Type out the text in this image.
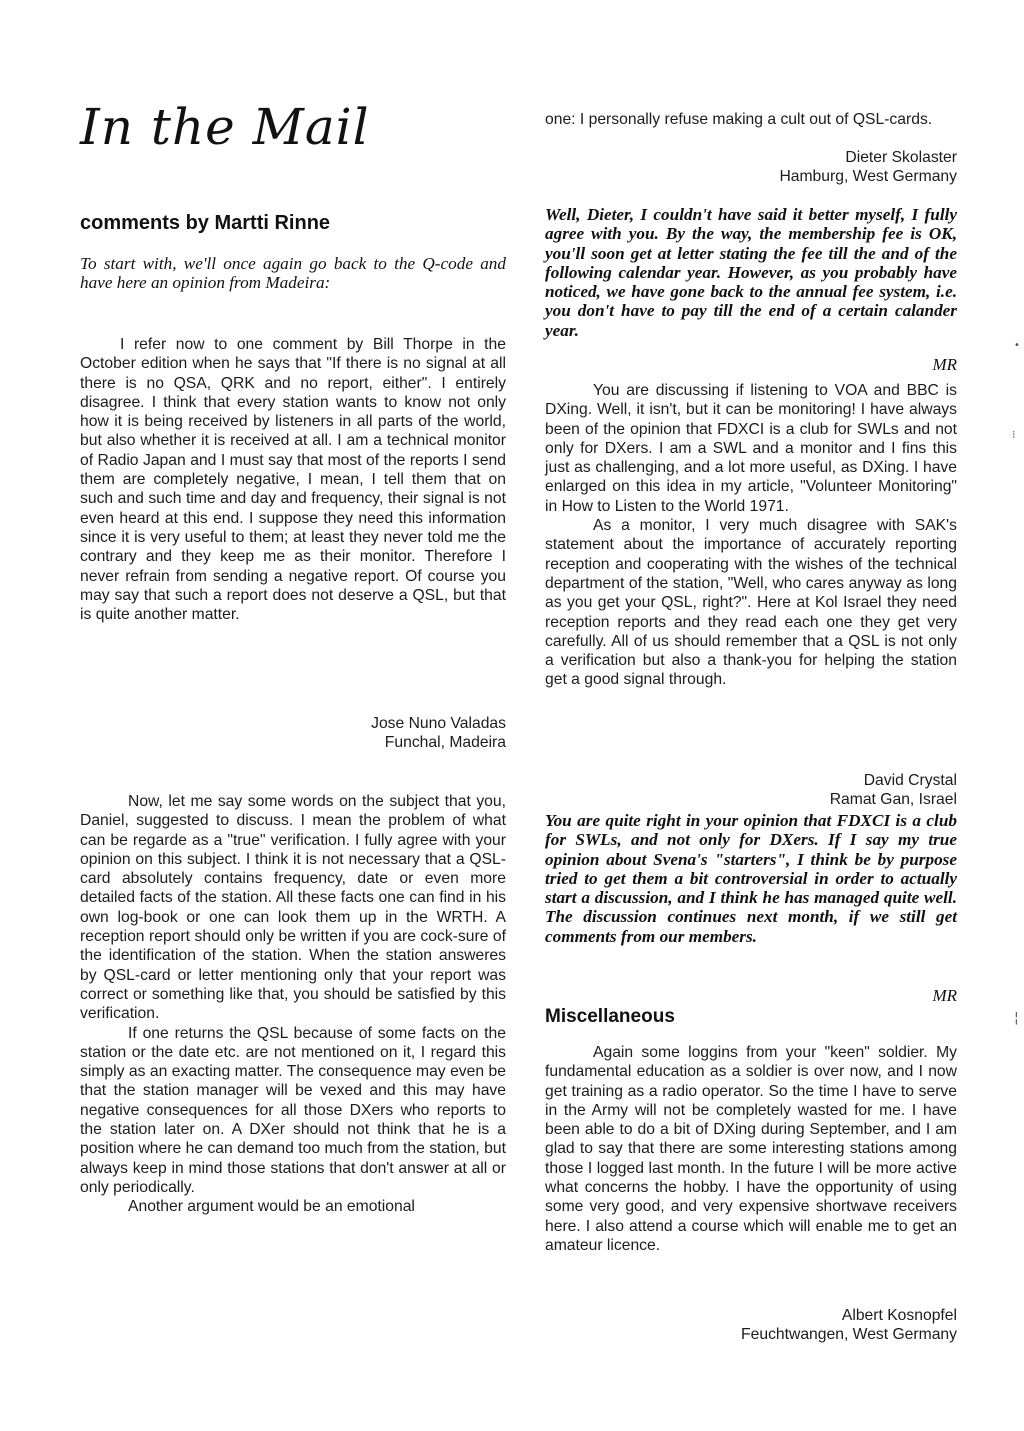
In the Mail
comments by Martti Rinne

To start with, we'll once again go back to the Q-code and have here an opinion from Madeira:

I refer now to one comment by Bill Thorpe in the October edition when he says that "If there is no signal at all there is no QSA, QRK and no report, either". I entirely disagree. I think that every station wants to know not only how it is being received by listeners in all parts of the world, but also whether it is received at all. I am a technical monitor of Radio Japan and I must say that most of the reports I send them are completely negative, I mean, I tell them that on such and such time and day and frequency, their signal is not even heard at this end. I suppose they need this information since it is very useful to them; at least they never told me the contrary and they keep me as their monitor. Therefore I never refrain from sending a negative report. Of course you may say that such a report does not deserve a QSL, but that is quite another matter.

Jose Nuno Valadas

Funchal, Madeira

Now, let me say some words on the subject that you, Daniel, suggested to discuss. I mean the problem of what can be regarde as a "true" verification. I fully agree with your opinion on this subject. I think it is not necessary that a QSL-card absolutely contains frequency, date or even more detailed facts of the station. All these facts one can find in his own log-book or one can look them up in the WRTH. A reception report should only be written if you are cock-sure of the identification of the station. When the station answeres by QSL-card or letter mentioning only that your report was correct or something like that, you should be satisfied by this verification.

If one returns the QSL because of some facts on the station or the date etc. are not mentioned on it, I regard this simply as an exacting matter. The consequence may even be that the station manager will be vexed and this may have negative consequences for all those DXers who reports to the station later on. A DXer should not think that he is a position where he can demand too much from the station, but always keep in mind those stations that don't answer at all or only periodically.

Another argument would be an emotional

one: I personally refuse making a cult out of QSL-cards.

Dieter Skolaster

Hamburg, West Germany

Well, Dieter, I couldn't have said it better myself, I fully agree with you. By the way, the membership fee is OK, you'll soon get at letter stating the fee till the and of the following calendar year. However, as you probably have noticed, we have gone back to the annual fee system, i.e. you don't have to pay till the end of a certain calander year.

MR

You are discussing if listening to VOA and BBC is DXing. Well, it isn't, but it can be monitoring! I have always been of the opinion that FDXCI is a club for SWLs and not only for DXers. I am a SWL and a monitor and I fins this just as challenging, and a lot more useful, as DXing. I have enlarged on this idea in my article, "Volunteer Monitoring" in How to Listen to the World 1971.

As a monitor, I very much disagree with SAK's statement about the importance of accurately reporting reception and cooperating with the wishes of the technical department of the station, "Well, who cares anyway as long as you get your QSL, right?". Here at Kol Israel they need reception reports and they read each one they get very carefully. All of us should remember that a QSL is not only a verification but also a thank-you for helping the station get a good signal through.

David Crystal

Ramat Gan, Israel

You are quite right in your opinion that FDXCI is a club for SWLs, and not only for DXers. If I say my true opinion about Svena's "starters", I think be by purpose tried to get them a bit controversial in order to actually start a discussion, and I think he has managed quite well. The discussion continues next month, if we still get comments from our members.

MR

Miscellaneous

Again some loggins from your "keen" soldier. My fundamental education as a soldier is over now, and I now get training as a radio operator. So the time I have to serve in the Army will not be completely wasted for me. I have been able to do a bit of DXing during September, and I am glad to say that there are some interesting stations among those I logged last month. In the future I will be more active what concerns the hobby. I have the opportunity of using some very good, and very expensive shortwave receivers here. I also attend a course which will enable me to get an amateur licence.

Albert Kosnopfel

Feuchtwangen, West Germany

•
⁝
¦
